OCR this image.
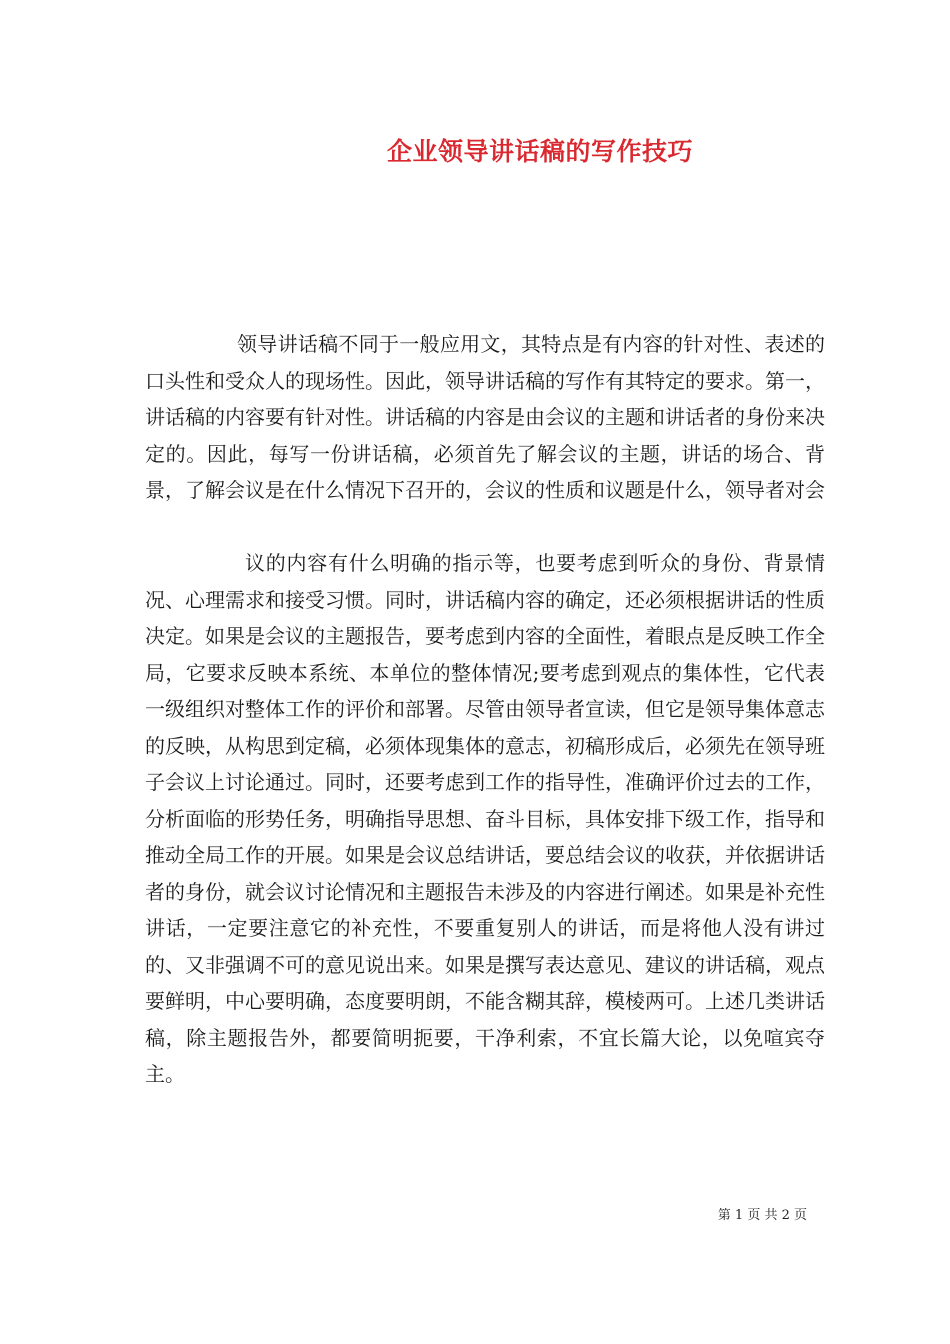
企业领导讲话稿的写作技巧

领导讲话稿不同于一般应用文，其特点是有内容的针对性、表述的口头性和受众人的现场性。因此，领导讲话稿的写作有其特定的要求。第一，讲话稿的内容要有针对性。讲话稿的内容是由会议的主题和讲话者的身份来决定的。因此，每写一份讲话稿，必须首先了解会议的主题，讲话的场合、背景，了解会议是在什么情况下召开的，会议的性质和议题是什么，领导者对会

议的内容有什么明确的指示等，也要考虑到听众的身份、背景情况、心理需求和接受习惯。同时，讲话稿内容的确定，还必须根据讲话的性质决定。如果是会议的主题报告，要考虑到内容的全面性，着眼点是反映工作全局，它要求反映本系统、本单位的整体情况;要考虑到观点的集体性，它代表一级组织对整体工作的评价和部署。尽管由领导者宣读，但它是领导集体意志的反映，从构思到定稿，必须体现集体的意志，初稿形成后，必须先在领导班子会议上讨论通过。同时，还要考虑到工作的指导性，准确评价过去的工作，分析面临的形势任务，明确指导思想、奋斗目标，具体安排下级工作，指导和推动全局工作的开展。如果是会议总结讲话，要总结会议的收获，并依据讲话者的身份，就会议讨论情况和主题报告未涉及的内容进行阐述。如果是补充性讲话，一定要注意它的补充性，不要重复别人的讲话，而是将他人没有讲过的、又非强调不可的意见说出来。如果是撰写表达意见、建议的讲话稿，观点要鲜明，中心要明确，态度要明朗，不能含糊其辞，模棱两可。上述几类讲话稿，除主题报告外，都要简明扼要，干净利索，不宜长篇大论，以免喧宾夺主。

第 1 页 共 2 页
